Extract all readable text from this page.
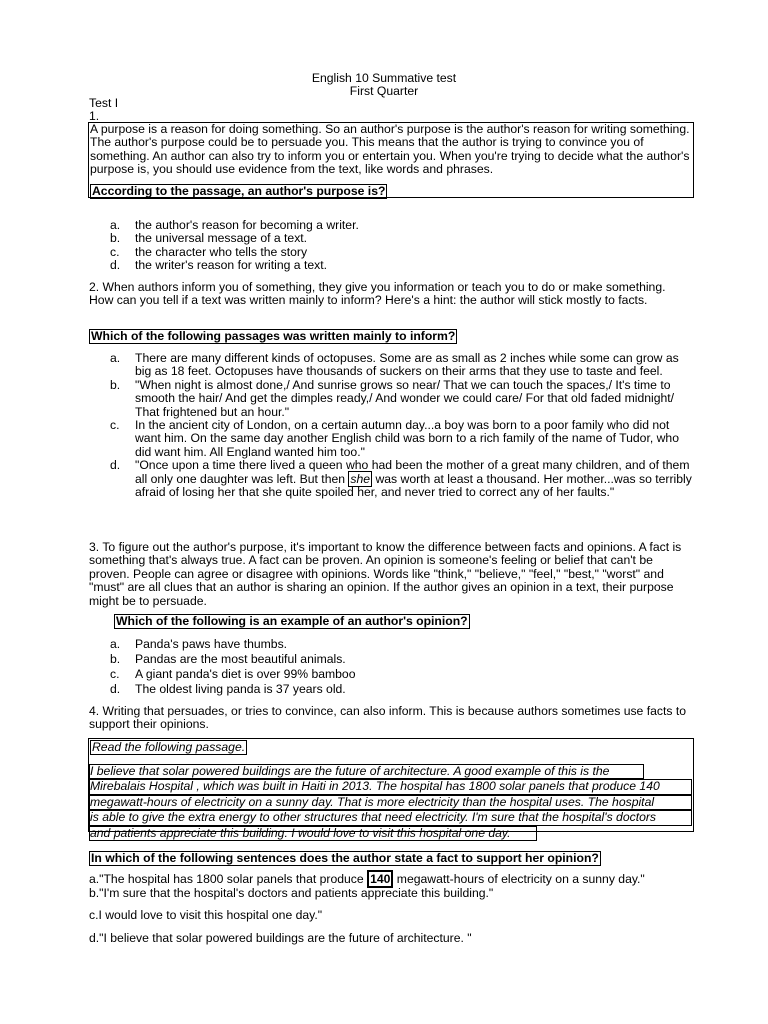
English 10 Summative test
First Quarter
Test I
1.
A purpose is a reason for doing something. So an author's purpose is the author's reason for writing something. The author's purpose could be to persuade you. This means that the author is trying to convince you of something. An author can also try to inform you or entertain you. When you're trying to decide what the author's purpose is, you should use evidence from the text, like words and phrases.
According to the passage, an author's purpose is?
a.	the author's reason for becoming a writer.
b.	the universal message of a text.
c.	the character who tells the story
d.	the writer's reason for writing a text.
2. When authors inform you of something, they give you information or teach you to do or make something. How can you tell if a text was written mainly to inform? Here's a hint: the author will stick mostly to facts.
Which of the following passages was written mainly to inform?
a.	There are many different kinds of octopuses. Some are as small as 2 inches while some can grow as big as 18 feet. Octopuses have thousands of suckers on their arms that they use to taste and feel.
b.	"When night is almost done,/ And sunrise grows so near/ That we can touch the spaces,/ It's time to smooth the hair/ And get the dimples ready,/ And wonder we could care/ For that old faded midnight/ That frightened but an hour."
c.	In the ancient city of London, on a certain autumn day...a boy was born to a poor family who did not want him. On the same day another English child was born to a rich family of the name of Tudor, who did want him. All England wanted him too."
d.	"Once upon a time there lived a queen who had been the mother of a great many children, and of them all only one daughter was left. But then she was worth at least a thousand. Her mother...was so terribly afraid of losing her that she quite spoiled her, and never tried to correct any of her faults."
3. To figure out the author's purpose, it's important to know the difference between facts and opinions. A fact is something that's always true. A fact can be proven. An opinion is someone's feeling or belief that can't be proven. People can agree or disagree with opinions. Words like "think," "believe," "feel," "best," "worst" and "must" are all clues that an author is sharing an opinion. If the author gives an opinion in a text, their purpose might be to persuade.
Which of the following is an example of an author's opinion?
a.	Panda's paws have thumbs.
b.	Pandas are the most beautiful animals.
c.	A giant panda's diet is over 99% bamboo
d.	The oldest living panda is 37 years old.
4. Writing that persuades, or tries to convince, can also inform. This is because authors sometimes use facts to support their opinions.
Read the following passage.
I believe that solar powered buildings are the future of architecture. A good example of this is the
Mirebalais Hospital , which was built in Haiti in 2013. The hospital has 1800 solar panels that produce 140
megawatt-hours of electricity on a sunny day. That is more electricity than the hospital uses. The hospital
is able to give the extra energy to other structures that need electricity. I'm sure that the hospital's doctors
and patients appreciate this building. I would love to visit this hospital one day.
In which of the following sentences does the author state a fact to support her opinion?
a."The hospital has 1800 solar panels that produce 140 megawatt-hours of electricity on a sunny day."
b."I'm sure that the hospital's doctors and patients appreciate this building."
c.I would love to visit this hospital one day."
d."I believe that solar powered buildings are the future of architecture. "
